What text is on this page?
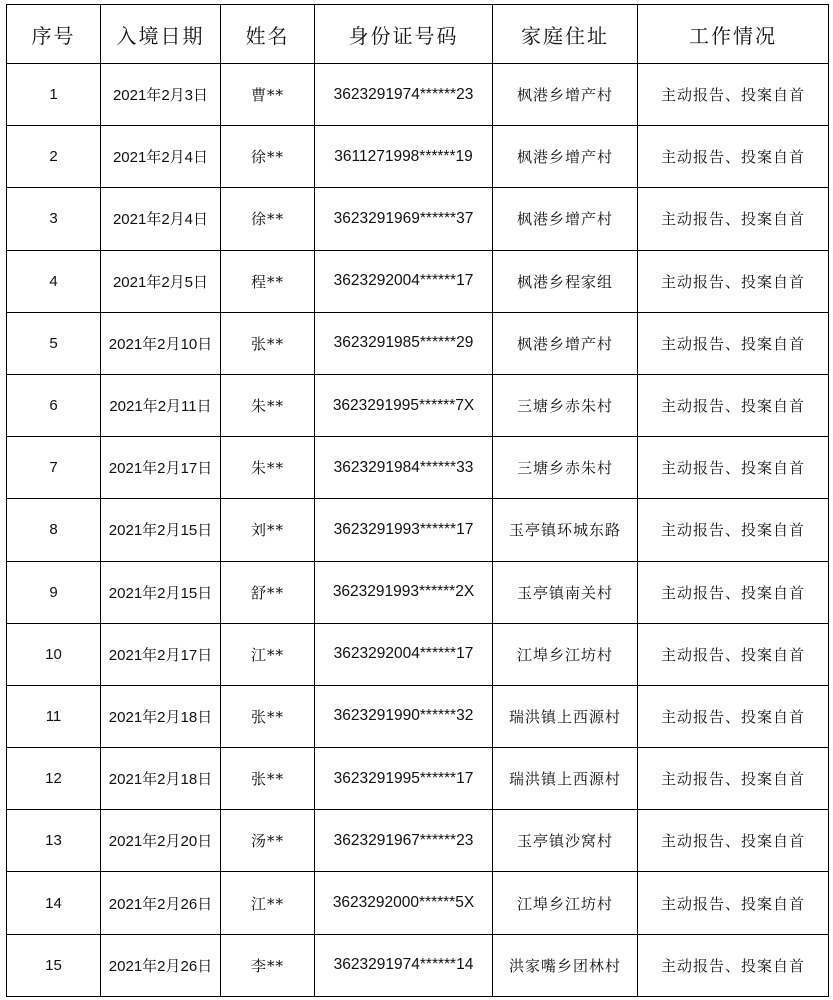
序号	入境日期	姓名	身份证号码	家庭住址	工作情况
1	2021年2月3日	曹**	3623291974******23	枫港乡增产村	主动报告、投案自首
2	2021年2月4日	徐**	3611271998******19	枫港乡增产村	主动报告、投案自首
3	2021年2月4日	徐**	3623291969******37	枫港乡增产村	主动报告、投案自首
4	2021年2月5日	程**	3623292004******17	枫港乡程家组	主动报告、投案自首
5	2021年2月10日	张**	3623291985******29	枫港乡增产村	主动报告、投案自首
6	2021年2月11日	朱**	3623291995******7X	三塘乡赤朱村	主动报告、投案自首
7	2021年2月17日	朱**	3623291984******33	三塘乡赤朱村	主动报告、投案自首
8	2021年2月15日	刘**	3623291993******17	玉亭镇环城东路	主动报告、投案自首
9	2021年2月15日	舒**	3623291993******2X	玉亭镇南关村	主动报告、投案自首
10	2021年2月17日	江**	3623292004******17	江埠乡江坊村	主动报告、投案自首
11	2021年2月18日	张**	3623291990******32	瑞洪镇上西源村	主动报告、投案自首
12	2021年2月18日	张**	3623291995******17	瑞洪镇上西源村	主动报告、投案自首
13	2021年2月20日	汤**	3623291967******23	玉亭镇沙窝村	主动报告、投案自首
14	2021年2月26日	江**	3623292000******5X	江埠乡江坊村	主动报告、投案自首
15	2021年2月26日	李**	3623291974******14	洪家嘴乡团林村	主动报告、投案自首
